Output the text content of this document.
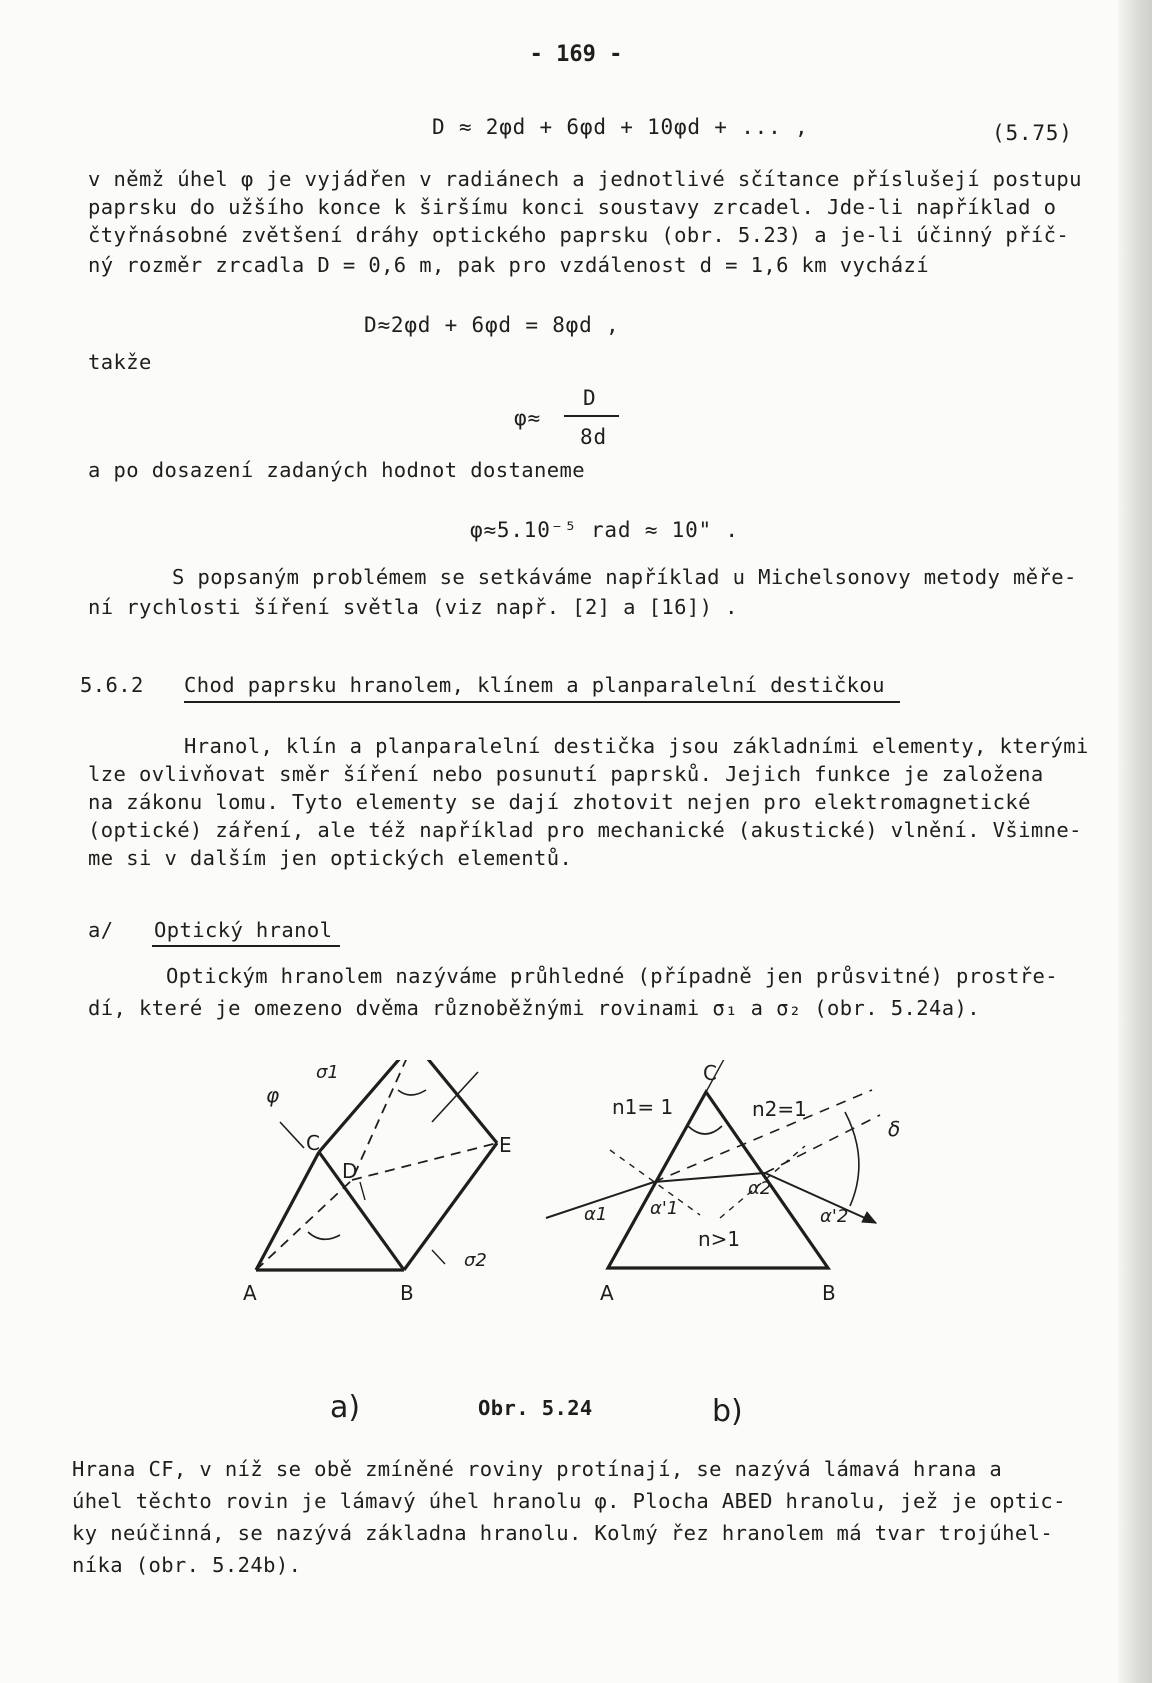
- 169 -
D ≈ 2φd + 6φd + 10φd + ... ,	(5.75)
v němž úhel φ je vyjádřen v radiánech a jednotlivé sčítance příslušejí postupu
paprsku do užšího konce k širšímu konci soustavy zrcadel. Jde-li například o
čtyřnásobné zvětšení dráhy optického paprsku (obr. 5.23) a je-li účinný příč-
ný rozměr zrcadla D = 0,6 m, pak pro vzdálenost d = 1,6 km vychází
D≈2φd + 6φd = 8φd ,
takže
φ≈
D
8d
a po dosazení zadaných hodnot dostaneme
φ≈5.10⁻⁵ rad ≈ 10" .
S popsaným problémem se setkáváme například u Michelsonovy metody měře-
ní rychlosti šíření světla (viz např. [2] a [16]) .
5.6.2 Chod paprsku hranolem, klínem a planparalelní destičkou
Hranol, klín a planparalelní destička jsou základními elementy, kterými
lze ovlivňovat směr šíření nebo posunutí paprsků. Jejich funkce je založena
na zákonu lomu. Tyto elementy se dají zhotovit nejen pro elektromagnetické
(optické) záření, ale též například pro mechanické (akustické) vlnění. Všimne-
me si v dalším jen optických elementů.
a/ Optický hranol
Optickým hranolem nazýváme průhledné (případně jen průsvitné) prostře-
dí, které je omezeno dvěma různoběžnými rovinami σ₁ a σ₂ (obr. 5.24a).
A	B
C
D
E
σ1
σ2
φ
A	B
C
n1= 1	n2=1
n>1
δ
α1 α'1
α2
α'2
a)	Obr. 5.24	b)
Hrana CF, v níž se obě zmíněné roviny protínají, se nazývá lámavá hrana a
úhel těchto rovin je lámavý úhel hranolu φ. Plocha ABED hranolu, jež je optic-
ky neúčinná, se nazývá základna hranolu. Kolmý řez hranolem má tvar trojúhel-
níka (obr. 5.24b).
